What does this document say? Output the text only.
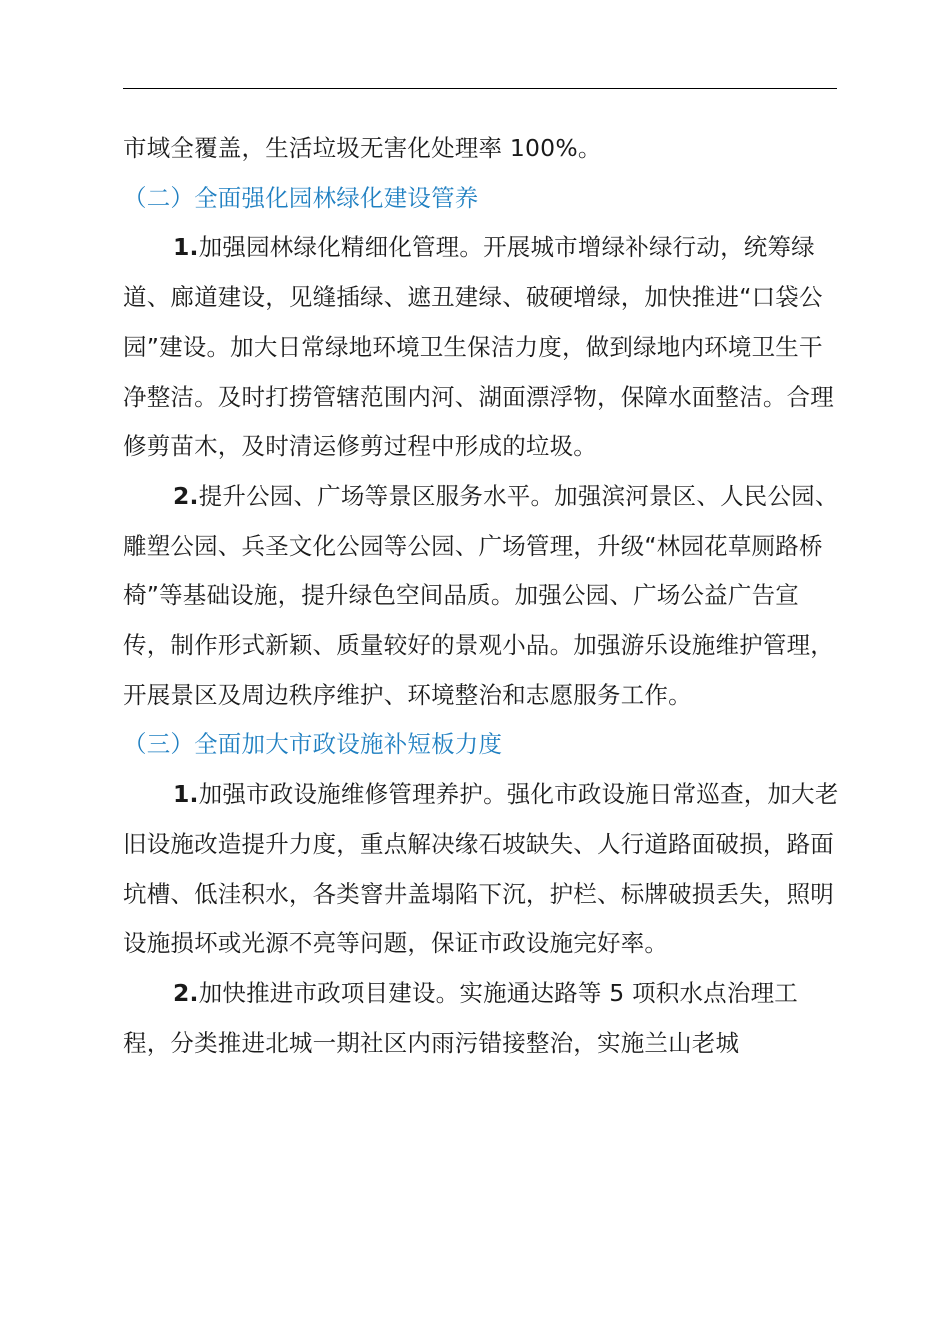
市域全覆盖，生活垃圾无害化处理率 100%。

（二）全面强化园林绿化建设管养

1.加强园林绿化精细化管理。开展城市增绿补绿行动，统筹绿道、廊道建设，见缝插绿、遮丑建绿、破硬增绿，加快推进“口袋公园”建设。加大日常绿地环境卫生保洁力度，做到绿地内环境卫生干净整洁。及时打捞管辖范围内河、湖面漂浮物，保障水面整洁。合理修剪苗木，及时清运修剪过程中形成的垃圾。

2.提升公园、广场等景区服务水平。加强滨河景区、人民公园、雕塑公园、兵圣文化公园等公园、广场管理，升级“林园花草厕路桥椅”等基础设施，提升绿色空间品质。加强公园、广场公益广告宣传，制作形式新颖、质量较好的景观小品。加强游乐设施维护管理，开展景区及周边秩序维护、环境整治和志愿服务工作。

（三）全面加大市政设施补短板力度

1.加强市政设施维修管理养护。强化市政设施日常巡查，加大老旧设施改造提升力度，重点解决缘石坡缺失、人行道路面破损，路面坑槽、低洼积水，各类窨井盖塌陷下沉，护栏、标牌破损丢失，照明设施损坏或光源不亮等问题，保证市政设施完好率。

2.加快推进市政项目建设。实施通达路等 5 项积水点治理工程，分类推进北城一期社区内雨污错接整治，实施兰山老城
